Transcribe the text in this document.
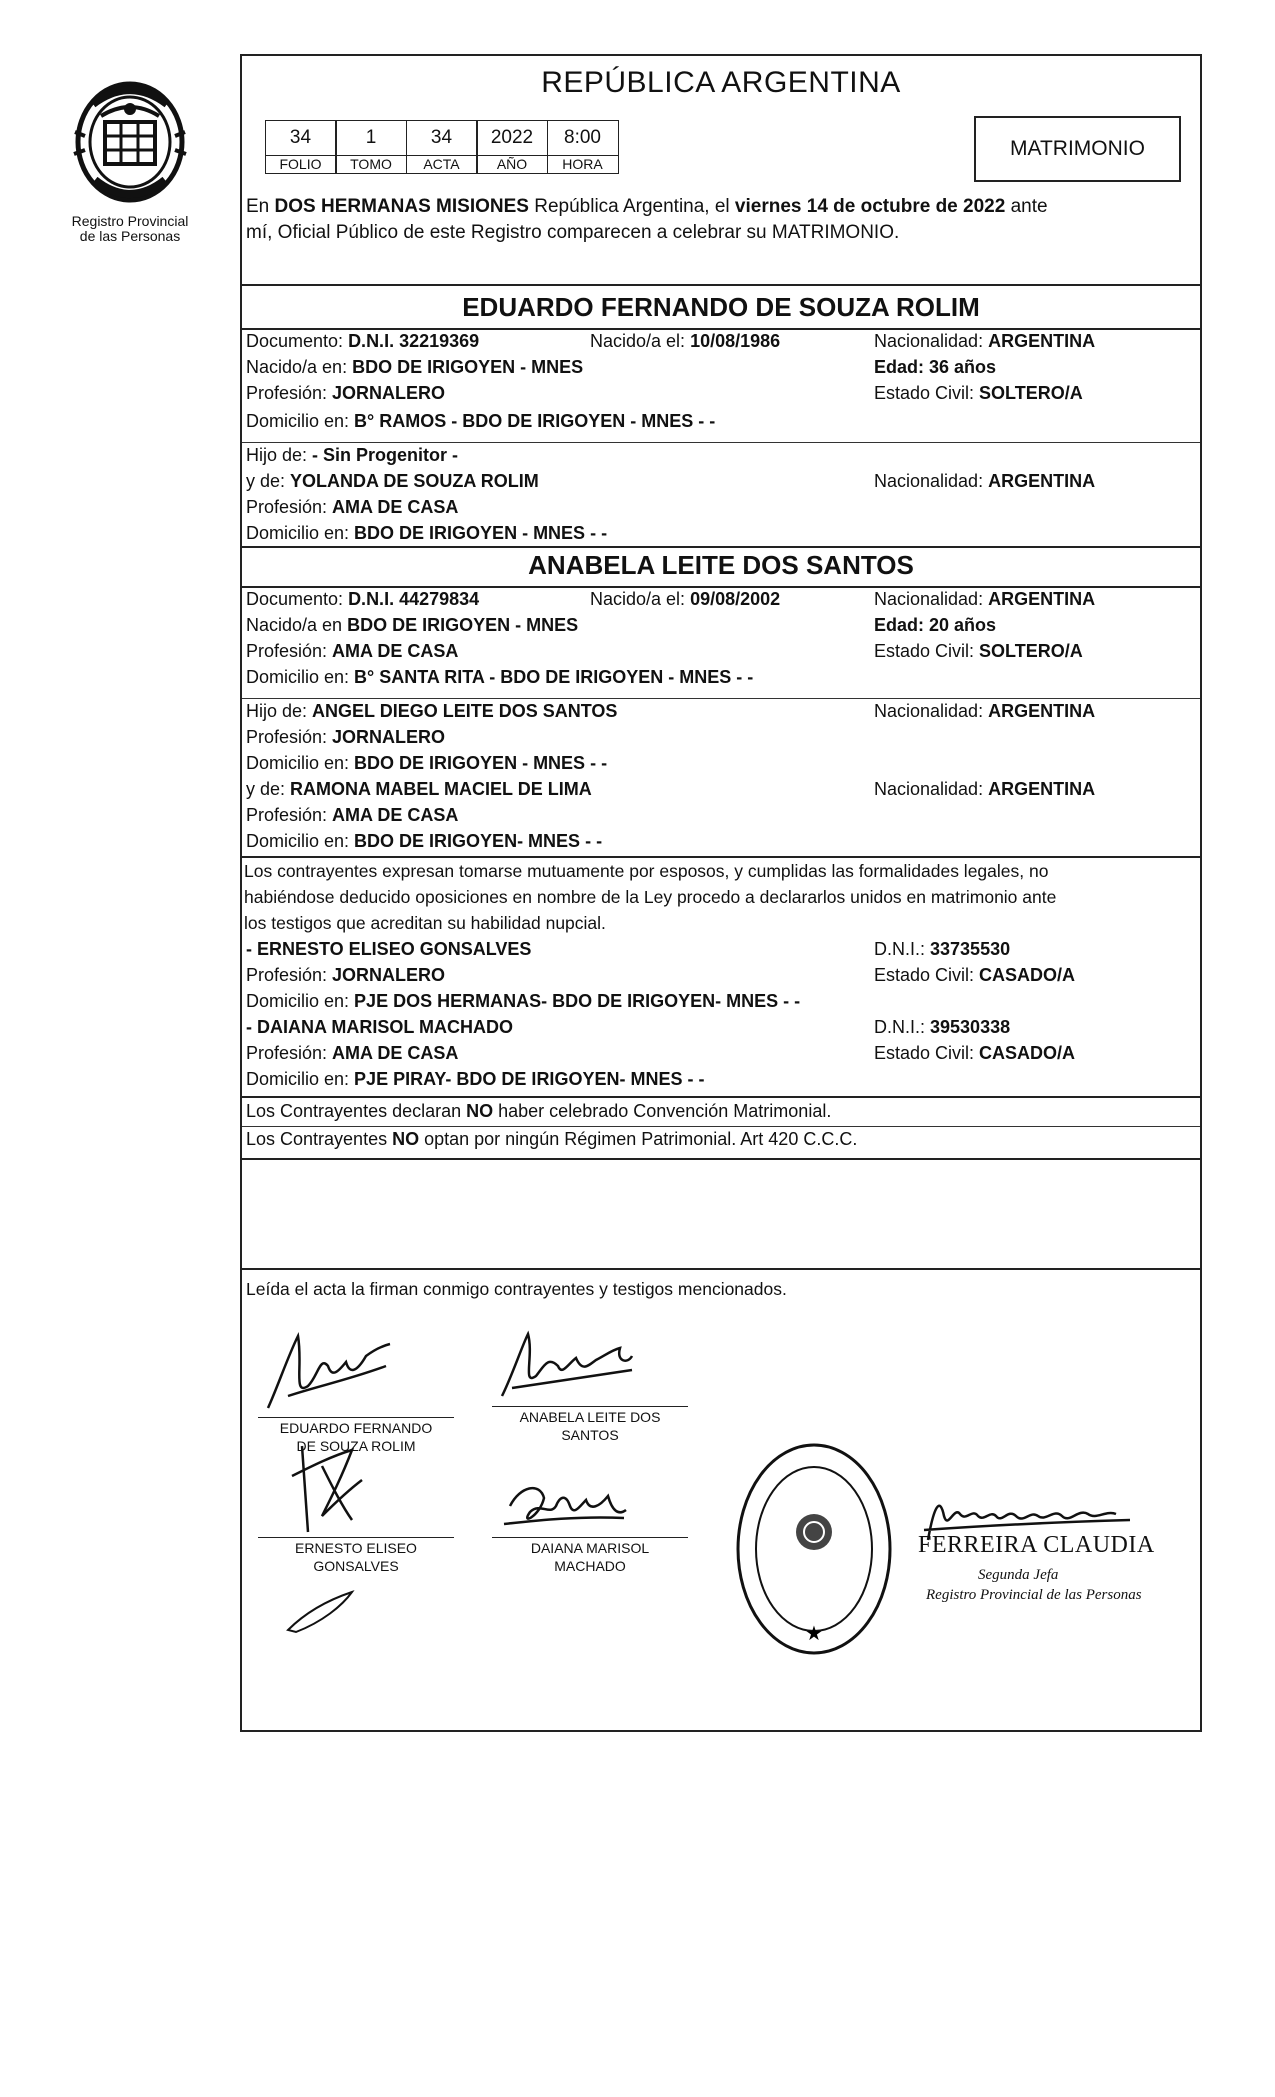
Registro Provincial
de las Personas
REPÚBLICA ARGENTINA
34	1	34	2022	8:00
FOLIO	TOMO	ACTA	AÑO	HORA
MATRIMONIO
En DOS HERMANAS MISIONES República Argentina, el viernes 14 de octubre de 2022 ante
mí, Oficial Público de este Registro comparecen a celebrar su MATRIMONIO.
EDUARDO FERNANDO DE SOUZA ROLIM
Documento: D.N.I. 32219369	Nacido/a el: 10/08/1986	Nacionalidad: ARGENTINA
Nacido/a en: BDO DE IRIGOYEN - MNES	Edad: 36 años
Profesión: JORNALERO	Estado Civil: SOLTERO/A
Domicilio en: B° RAMOS - BDO DE IRIGOYEN - MNES - -
Hijo de: - Sin Progenitor -
y de: YOLANDA DE SOUZA ROLIM	Nacionalidad: ARGENTINA
Profesión: AMA DE CASA
Domicilio en: BDO DE IRIGOYEN - MNES - -
ANABELA LEITE DOS SANTOS
Documento: D.N.I. 44279834	Nacido/a el: 09/08/2002	Nacionalidad: ARGENTINA
Nacido/a en BDO DE IRIGOYEN - MNES	Edad: 20 años
Profesión: AMA DE CASA	Estado Civil: SOLTERO/A
Domicilio en: B° SANTA RITA - BDO DE IRIGOYEN - MNES - -
Hijo de: ANGEL DIEGO LEITE DOS SANTOS	Nacionalidad: ARGENTINA
Profesión: JORNALERO
Domicilio en: BDO DE IRIGOYEN - MNES - -
y de: RAMONA MABEL MACIEL DE LIMA	Nacionalidad: ARGENTINA
Profesión: AMA DE CASA
Domicilio en: BDO DE IRIGOYEN- MNES - -
Los contrayentes expresan tomarse mutuamente por esposos, y cumplidas las formalidades legales, no
habiéndose deducido oposiciones en nombre de la Ley procedo a declararlos unidos en matrimonio ante
los testigos que acreditan su habilidad nupcial.
- ERNESTO ELISEO GONSALVES	D.N.I.: 33735530
Profesión: JORNALERO	Estado Civil: CASADO/A
Domicilio en: PJE DOS HERMANAS- BDO DE IRIGOYEN- MNES - -
- DAIANA MARISOL MACHADO	D.N.I.: 39530338
Profesión: AMA DE CASA	Estado Civil: CASADO/A
Domicilio en: PJE PIRAY- BDO DE IRIGOYEN- MNES - -
Los Contrayentes declaran NO haber celebrado Convención Matrimonial.
Los Contrayentes NO optan por ningún Régimen Patrimonial. Art 420 C.C.C.
Leída el acta la firman conmigo contrayentes y testigos mencionados.
EDUARDO FERNANDO
DE SOUZA ROLIM
ANABELA LEITE DOS
SANTOS
ERNESTO ELISEO
GONSALVES
DAIANA MARISOL
MACHADO
★
FERREIRA CLAUDIA
Segunda Jefa
Registro Provincial de las Personas
